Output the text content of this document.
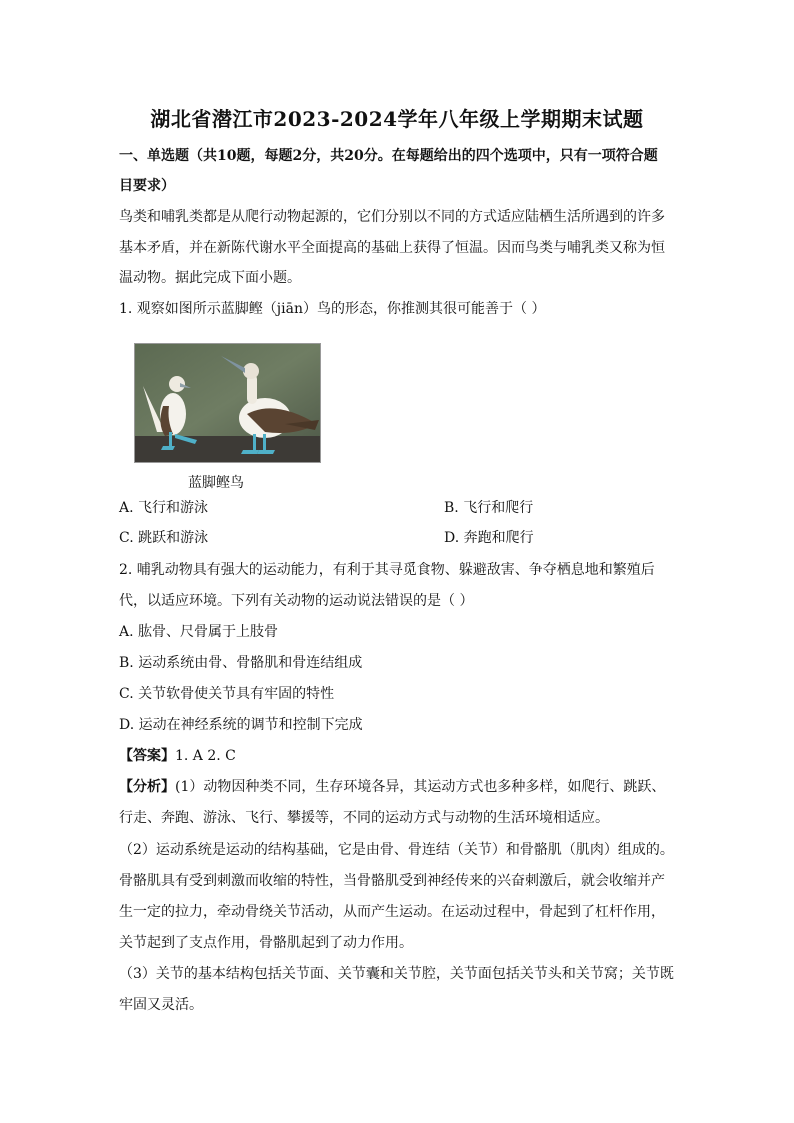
湖北省潜江市2023-2024学年八年级上学期期末试题
一、单选题（共10题，每题2分，共20分。在每题给出的四个选项中，只有一项符合题
目要求）
鸟类和哺乳类都是从爬行动物起源的，它们分别以不同的方式适应陆栖生活所遇到的许多
基本矛盾，并在新陈代谢水平全面提高的基础上获得了恒温。因而鸟类与哺乳类又称为恒
温动物。据此完成下面小题。
1. 观察如图所示蓝脚鲣（jiān）鸟的形态，你推测其很可能善于（ ）
蓝脚鲣鸟
A. 飞行和游泳	B. 飞行和爬行
C. 跳跃和游泳	D. 奔跑和爬行
2. 哺乳动物具有强大的运动能力，有利于其寻觅食物、躲避敌害、争夺栖息地和繁殖后
代，以适应环境。下列有关动物的运动说法错误的是（ ）
A. 肱骨、尺骨属于上肢骨
B. 运动系统由骨、骨骼肌和骨连结组成
C. 关节软骨使关节具有牢固的特性
D. 运动在神经系统的调节和控制下完成
【答案】1. A 2. C
【分析】(1）动物因种类不同，生存环境各异，其运动方式也多种多样，如爬行、跳跃、
行走、奔跑、游泳、飞行、攀援等，不同的运动方式与动物的生活环境相适应。
（2）运动系统是运动的结构基础，它是由骨、骨连结（关节）和骨骼肌（肌肉）组成的。
骨骼肌具有受到刺激而收缩的特性，当骨骼肌受到神经传来的兴奋刺激后，就会收缩并产
生一定的拉力，牵动骨绕关节活动，从而产生运动。在运动过程中，骨起到了杠杆作用，
关节起到了支点作用，骨骼肌起到了动力作用。
（3）关节的基本结构包括关节面、关节囊和关节腔，关节面包括关节头和关节窝；关节既
牢固又灵活。
